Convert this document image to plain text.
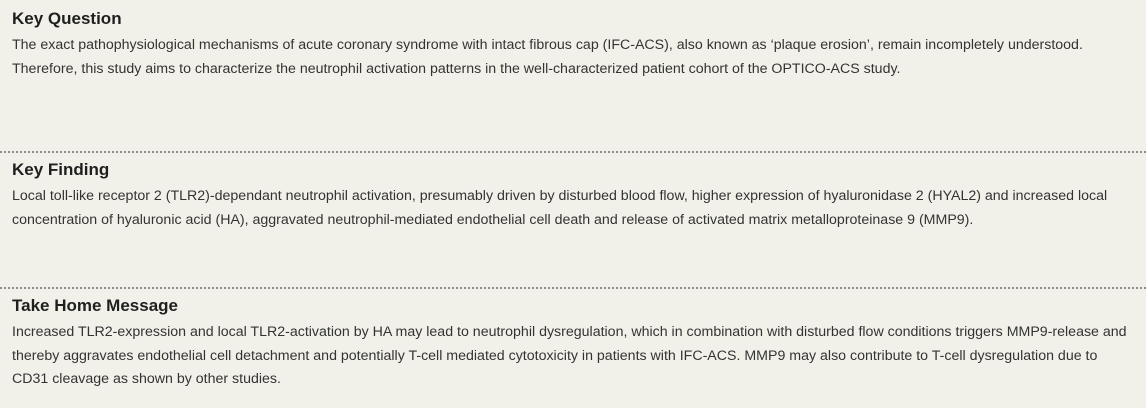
Key Question

The exact pathophysiological mechanisms of acute coronary syndrome with intact fibrous cap (IFC-ACS), also known as ‘plaque erosion’, remain incompletely understood. Therefore, this study aims to characterize the neutrophil activation patterns in the well-characterized patient cohort of the OPTICO-ACS study.

Key Finding

Local toll-like receptor 2 (TLR2)-dependant neutrophil activation, presumably driven by disturbed blood flow, higher expression of hyaluronidase 2 (HYAL2) and increased local concentration of hyaluronic acid (HA), aggravated neutrophil-mediated endothelial cell death and release of activated matrix metalloproteinase 9 (MMP9).

Take Home Message

Increased TLR2-expression and local TLR2-activation by HA may lead to neutrophil dysregulation, which in combination with disturbed flow conditions triggers MMP9-release and thereby aggravates endothelial cell detachment and potentially T-cell mediated cytotoxicity in patients with IFC-ACS. MMP9 may also contribute to T-cell dysregulation due to CD31 cleavage as shown by other studies.
